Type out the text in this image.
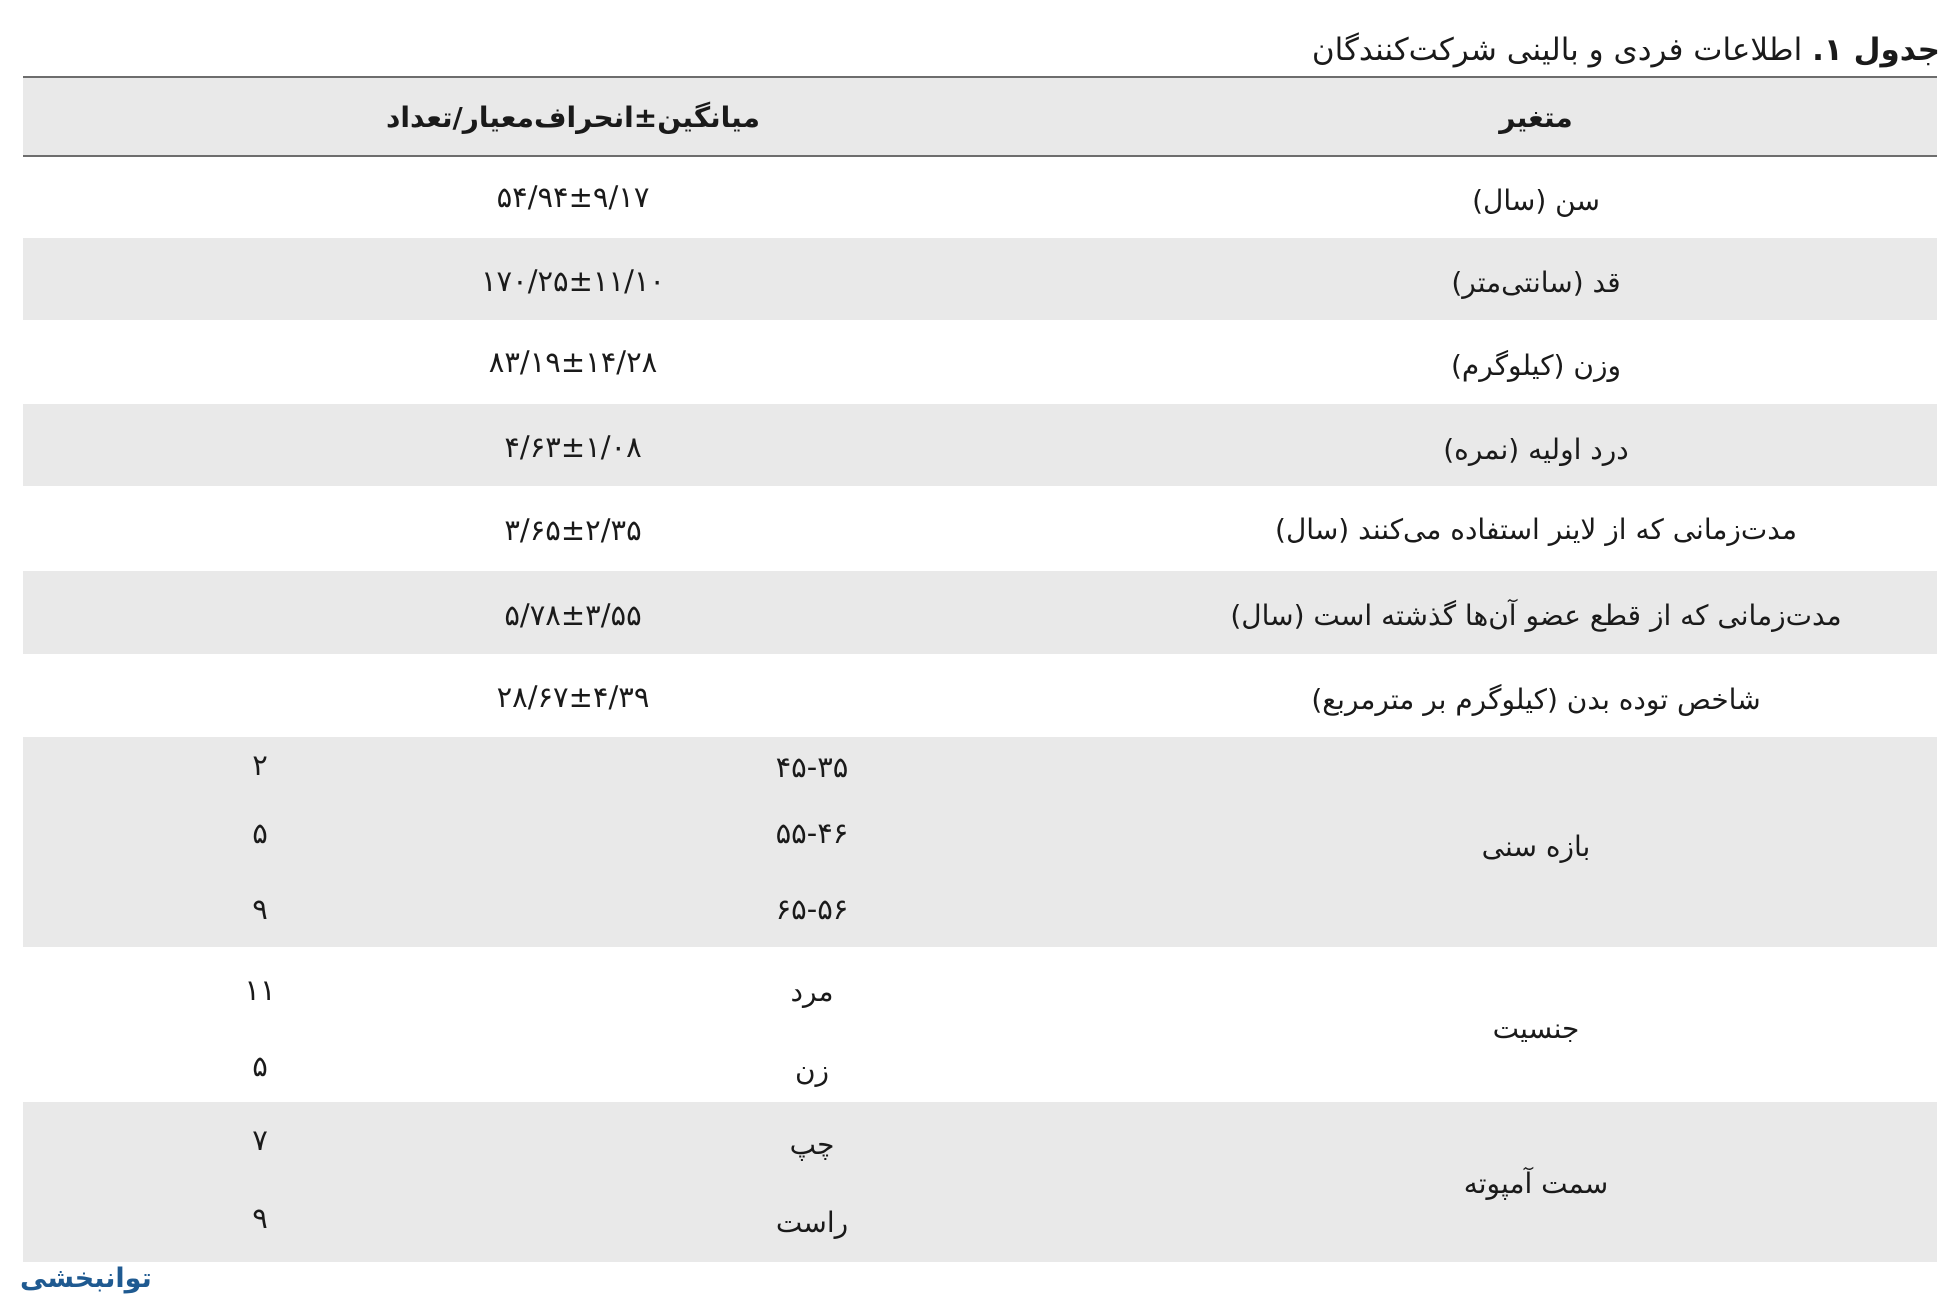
جدول ۱. اطلاعات فردی و بالینی شرکت‌کنندگان
متغیر
میانگین±انحراف‌معیار/تعداد
سن (سال)
۵۴/۹۴±۹/۱۷
قد (سانتی‌متر)
۱۷۰/۲۵±۱۱/۱۰
وزن (کیلوگرم)
۸۳/۱۹±۱۴/۲۸
درد اولیه (نمره)
۴/۶۳±۱/۰۸
مدت‌زمانی که از لاینر استفاده می‌کنند (سال)
۳/۶۵±۲/۳۵
مدت‌زمانی که از قطع عضو آن‌ها گذشته است (سال)
۵/۷۸±۳/۵۵
شاخص توده بدن (کیلوگرم بر مترمربع)
۲۸/۶۷±۴/۳۹
بازه سنی
۴۵-۳۵
۲
۵۵-۴۶
۵
۶۵-۵۶
۹
جنسیت
مرد
۱۱
زن
۵
سمت آمپوته
چپ
۷
راست
۹
توانبخشی
